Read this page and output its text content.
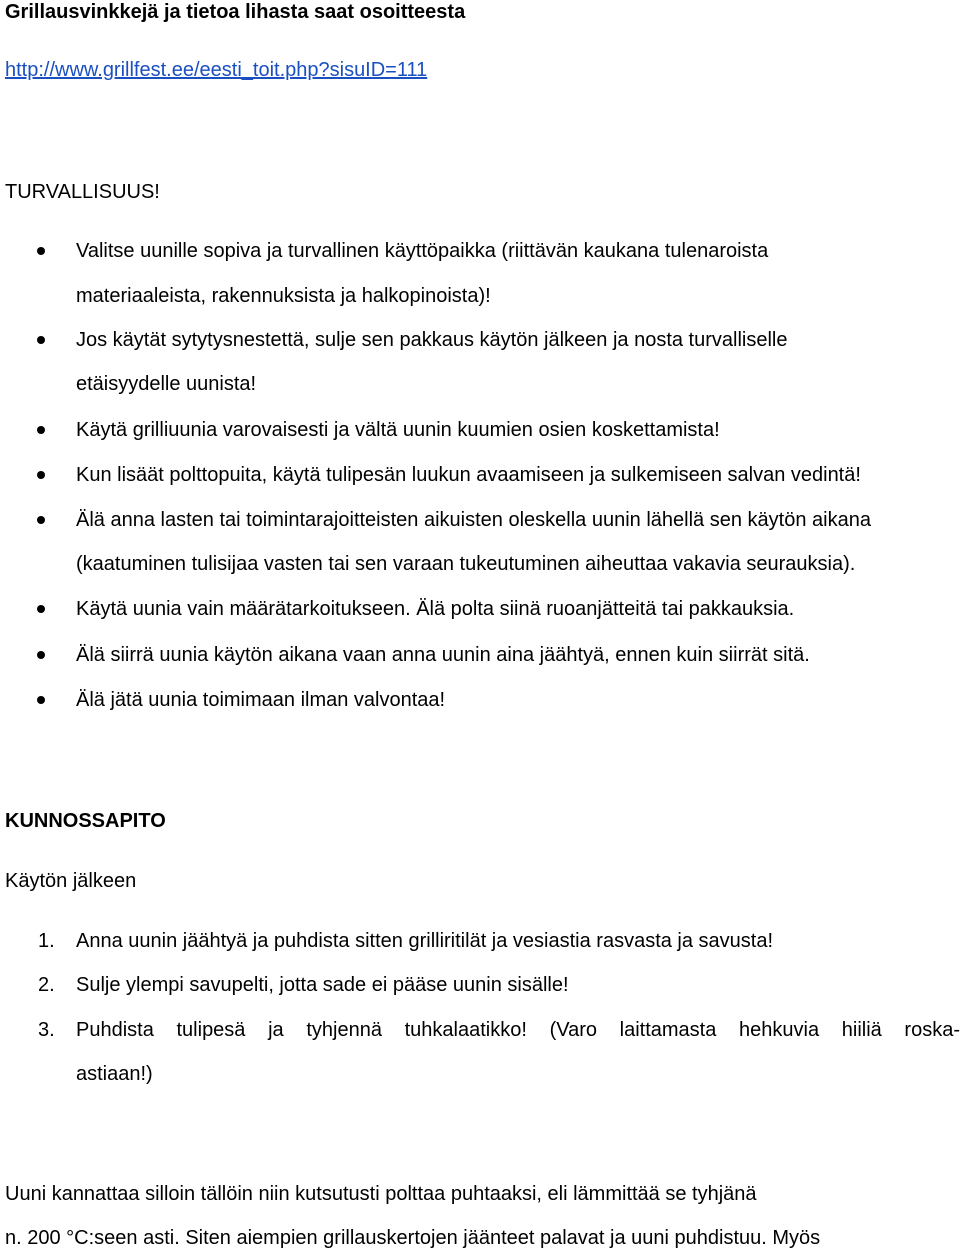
Grillausvinkkejä ja tietoa lihasta saat osoitteesta
http://www.grillfest.ee/eesti_toit.php?sisuID=111
TURVALLISUUS!
Valitse uunille sopiva ja turvallinen käyttöpaikka (riittävän kaukana tulenaroista
materiaaleista, rakennuksista ja halkopinoista)!
Jos käytät sytytysnestettä, sulje sen pakkaus käytön jälkeen ja nosta turvalliselle
etäisyydelle uunista!
Käytä grilliuunia varovaisesti ja vältä uunin kuumien osien koskettamista!
Kun lisäät polttopuita, käytä tulipesän luukun avaamiseen ja sulkemiseen salvan vedintä!
Älä anna lasten tai toimintarajoitteisten aikuisten oleskella uunin lähellä sen käytön aikana
(kaatuminen tulisijaa vasten tai sen varaan tukeutuminen aiheuttaa vakavia seurauksia).
Käytä uunia vain määrätarkoitukseen. Älä polta siinä ruoanjätteitä tai pakkauksia.
Älä siirrä uunia käytön aikana vaan anna uunin aina jäähtyä, ennen kuin siirrät sitä.
Älä jätä uunia toimimaan ilman valvontaa!
KUNNOSSAPITO
Käytön jälkeen
1. Anna uunin jäähtyä ja puhdista sitten grilliritilät ja vesiastia rasvasta ja savusta!
2. Sulje ylempi savupelti, jotta sade ei pääse uunin sisälle!
3. Puhdista tulipesä ja tyhjennä tuhkalaatikko! (Varo laittamasta hehkuvia hiiliä roska-
astiaan!)
Uuni kannattaa silloin tällöin niin kutsutusti polttaa puhtaaksi, eli lämmittää se tyhjänä
n. 200 °C:seen asti. Siten aiempien grillauskertojen jäänteet palavat ja uuni puhdistuu. Myös
